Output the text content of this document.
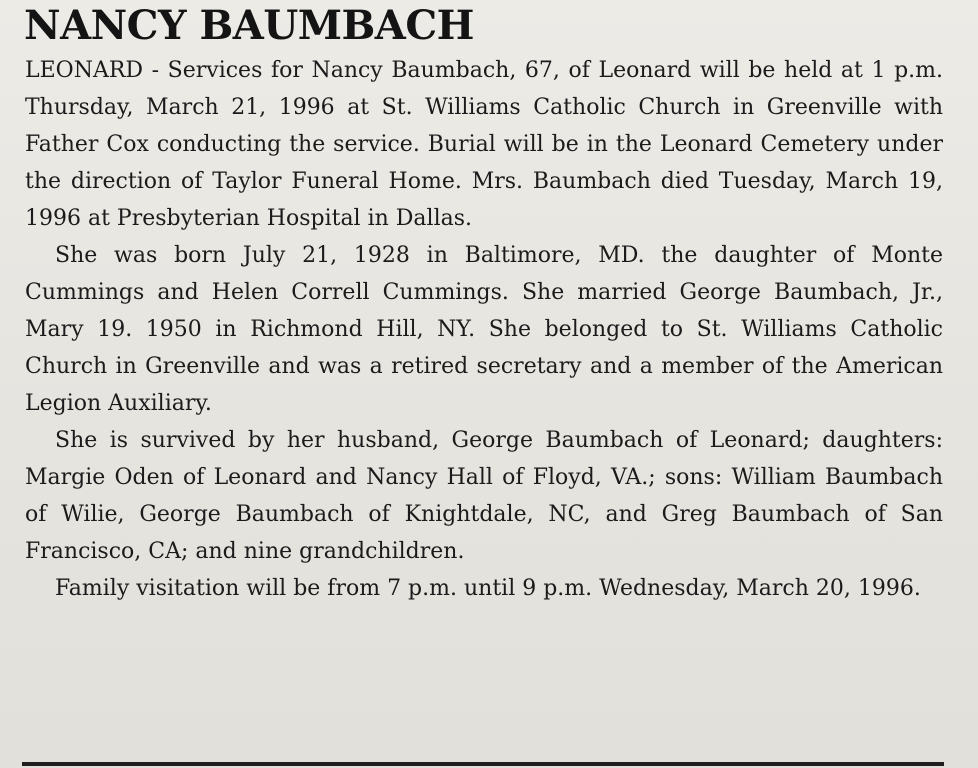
NANCY BAUMBACH

LEONARD - Services for Nancy Baumbach, 67, of Leonard will be held at 1 p.m. Thursday, March 21, 1996 at St. Williams Catholic Church in Greenville with Father Cox conducting the service. Burial will be in the Leonard Cemetery under the direction of Taylor Funeral Home. Mrs. Baumbach died Tuesday, March 19, 1996 at Presbyterian Hospital in Dallas.

She was born July 21, 1928 in Baltimore, MD. the daughter of Monte Cummings and Helen Correll Cummings. She married George Baumbach, Jr., Mary 19. 1950 in Richmond Hill, NY. She belonged to St. Williams Catholic Church in Greenville and was a retired secretary and a member of the American Legion Auxiliary.

She is survived by her husband, George Baumbach of Leonard; daughters: Margie Oden of Leonard and Nancy Hall of Floyd, VA.; sons: William Baumbach of Wilie, George Baumbach of Knightdale, NC, and Greg Baumbach of San Francisco, CA; and nine grandchildren.

Family visitation will be from 7 p.m. until 9 p.m. Wednesday, March 20, 1996.
